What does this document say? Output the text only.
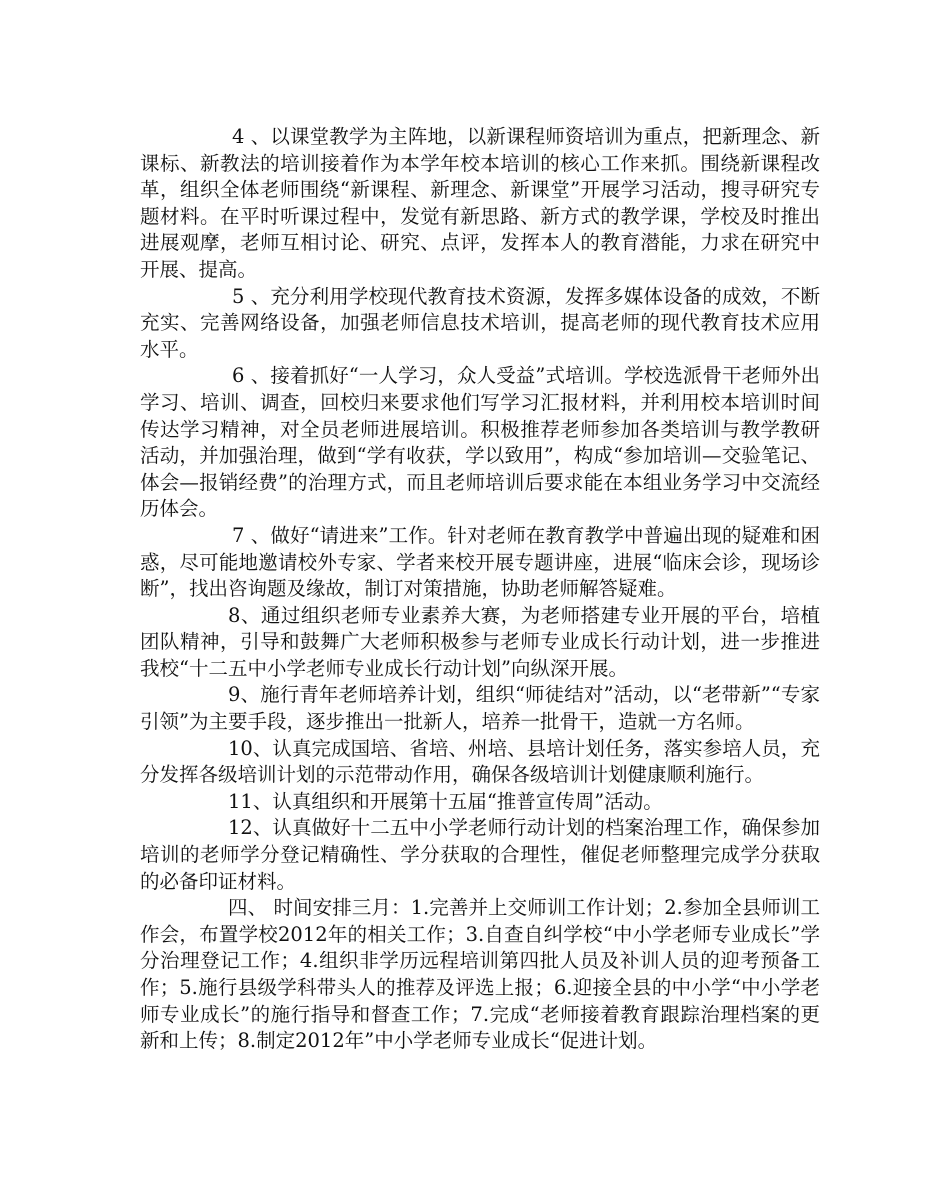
4 、以课堂教学为主阵地，以新课程师资培训为重点，把新理念、新课标、新教法的培训接着作为本学年校本培训的核心工作来抓。围绕新课程改革，组织全体老师围绕“新课程、新理念、新课堂”开展学习活动，搜寻研究专题材料。在平时听课过程中，发觉有新思路、新方式的教学课，学校及时推出进展观摩，老师互相讨论、研究、点评，发挥本人的教育潜能，力求在研究中开展、提高。

5 、充分利用学校现代教育技术资源，发挥多媒体设备的成效，不断充实、完善网络设备，加强老师信息技术培训，提高老师的现代教育技术应用水平。

6 、接着抓好“一人学习，众人受益”式培训。学校选派骨干老师外出学习、培训、调查，回校归来要求他们写学习汇报材料，并利用校本培训时间传达学习精神，对全员老师进展培训。积极推荐老师参加各类培训与教学教研活动，并加强治理，做到“学有收获，学以致用”，构成“参加培训—交验笔记、体会—报销经费”的治理方式，而且老师培训后要求能在本组业务学习中交流经历体会。

7 、做好“请进来”工作。针对老师在教育教学中普遍出现的疑难和困惑，尽可能地邀请校外专家、学者来校开展专题讲座，进展“临床会诊，现场诊断”，找出咨询题及缘故，制订对策措施，协助老师解答疑难。

8、通过组织老师专业素养大赛，为老师搭建专业开展的平台，培植团队精神，引导和鼓舞广大老师积极参与老师专业成长行动计划，进一步推进我校“十二五中小学老师专业成长行动计划”向纵深开展。

9、施行青年老师培养计划，组织“师徒结对”活动，以“老带新”“专家引领”为主要手段，逐步推出一批新人，培养一批骨干，造就一方名师。

10、认真完成国培、省培、州培、县培计划任务，落实参培人员，充分发挥各级培训计划的示范带动作用，确保各级培训计划健康顺利施行。

11、认真组织和开展第十五届“推普宣传周”活动。

12、认真做好十二五中小学老师行动计划的档案治理工作，确保参加培训的老师学分登记精确性、学分获取的合理性，催促老师整理完成学分获取的必备印证材料。

四、 时间安排三月：1.完善并上交师训工作计划；2.参加全县师训工作会，布置学校2012年的相关工作；3.自查自纠学校“中小学老师专业成长”学分治理登记工作；4.组织非学历远程培训第四批人员及补训人员的迎考预备工作；5.施行县级学科带头人的推荐及评选上报；6.迎接全县的中小学“中小学老师专业成长”的施行指导和督查工作；7.完成“老师接着教育跟踪治理档案的更新和上传；8.制定2012年”中小学老师专业成长“促进计划。
